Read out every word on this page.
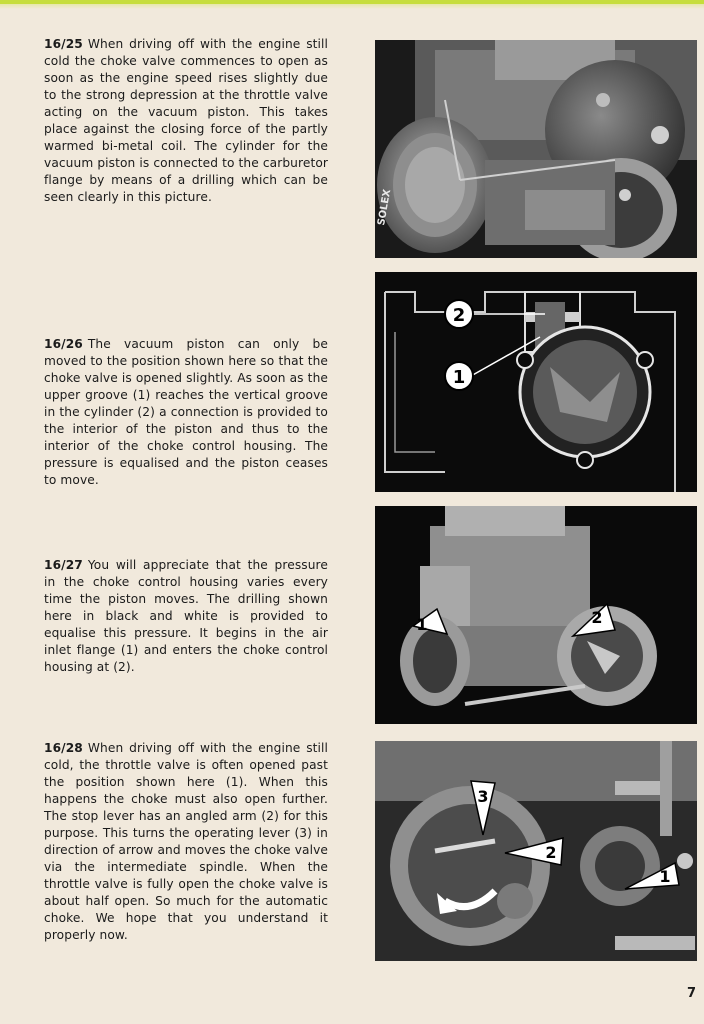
16/25 When driving off with the engine still cold the choke valve commences to open as soon as the engine speed rises slightly due to the strong depression at the throttle valve acting on the vacuum piston. This takes place against the closing force of the partly warmed bi-metal coil. The cylinder for the vacuum piston is connected to the carburetor flange by means of a drilling which can be seen clearly in this picture.
16/26 The vacuum piston can only be moved to the position shown here so that the choke valve is opened slightly. As soon as the upper groove (1) reaches the vertical groove in the cylinder (2) a connection is provided to the interior of the piston and thus to the interior of the choke control housing. The pressure is equalised and the piston ceases to move.
16/27 You will appreciate that the pressure in the choke control housing varies every time the piston moves. The drilling shown here in black and white is provided to equalise this pressure. It begins in the air inlet flange (1) and enters the choke control housing at (2).
16/28 When driving off with the engine still cold, the throttle valve is often opened past the position shown here (1). When this happens the choke must also open further. The stop lever has an angled arm (2) for this purpose. This turns the operating lever (3) in direction of arrow and moves the choke valve via the intermediate spindle. When the throttle valve is fully open the choke valve is about half open. So much for the automatic choke. We hope that you understand it properly now.
SOLEX
2
1
1	2
3
2
1
7
